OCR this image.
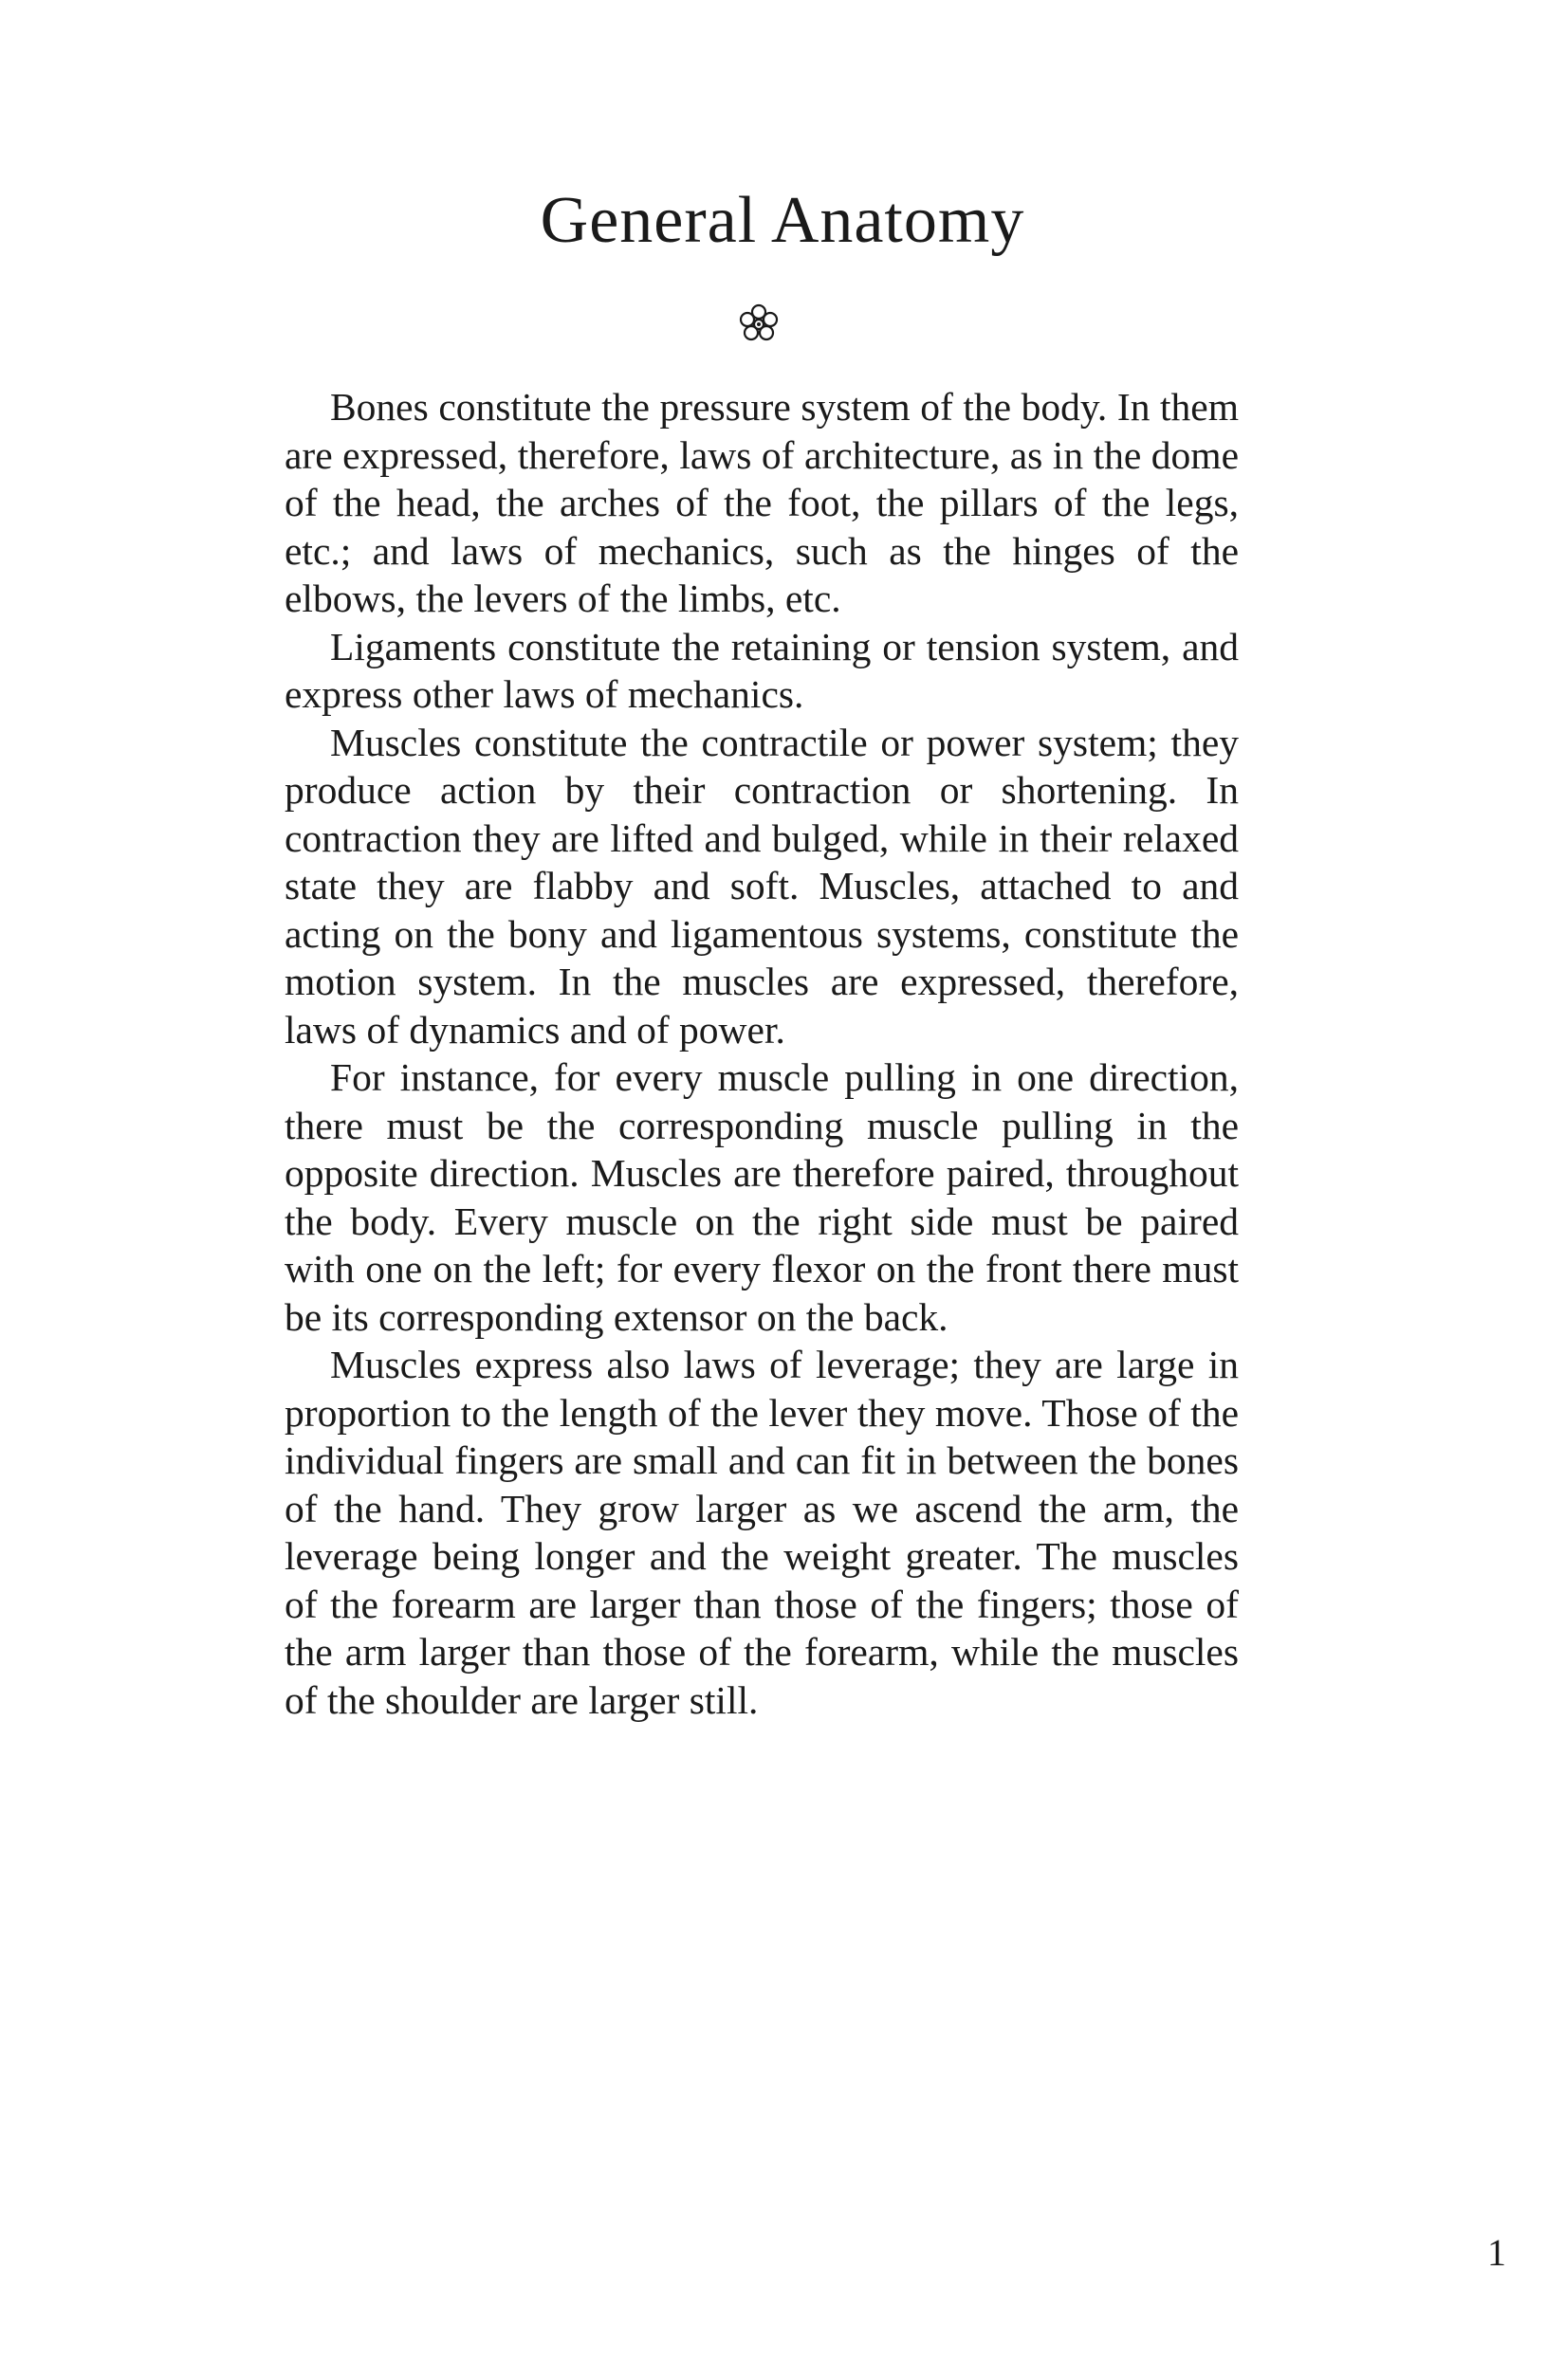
General Anatomy

Bones constitute the pressure system of the body. In them are expressed, therefore, laws of architecture, as in the dome of the head, the arches of the foot, the pillars of the legs, etc.; and laws of mechanics, such as the hinges of the elbows, the levers of the limbs, etc.

Ligaments constitute the retaining or tension system, and express other laws of mechanics.

Muscles constitute the contractile or power system; they produce action by their contraction or shortening. In contraction they are lifted and bulged, while in their relaxed state they are flabby and soft. Muscles, attached to and acting on the bony and ligamentous systems, constitute the motion system. In the muscles are expressed, therefore, laws of dynamics and of power.

For instance, for every muscle pulling in one direction, there must be the corresponding muscle pulling in the opposite direction. Muscles are therefore paired, throughout the body. Every muscle on the right side must be paired with one on the left; for every flexor on the front there must be its corresponding extensor on the back.

Muscles express also laws of leverage; they are large in proportion to the length of the lever they move. Those of the individual fingers are small and can fit in between the bones of the hand. They grow larger as we ascend the arm, the leverage being longer and the weight greater. The muscles of the forearm are larger than those of the fingers; those of the arm larger than those of the forearm, while the muscles of the shoulder are larger still.

1
